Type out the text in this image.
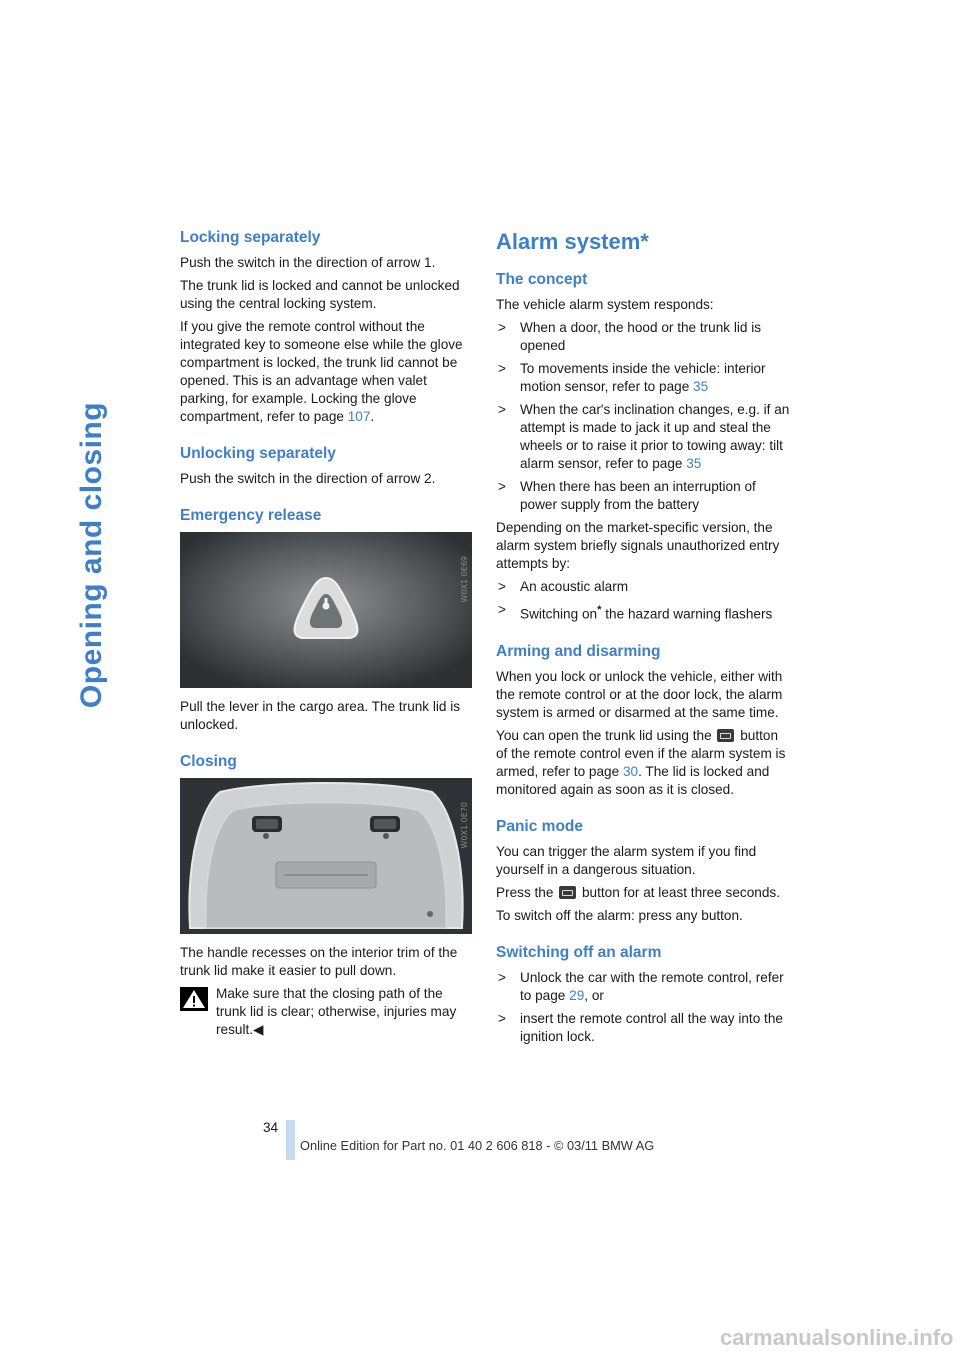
Opening and closing
Locking separately

Push the switch in the direction of arrow 1.

The trunk lid is locked and cannot be unlocked using the central locking system.

If you give the remote control without the integrated key to someone else while the glove compartment is locked, the trunk lid cannot be opened. This is an advantage when valet parking, for example. Locking the glove compartment, refer to page 107.

Unlocking separately

Push the switch in the direction of arrow 2.

Emergency release
W0X1 0E69

Pull the lever in the cargo area. The trunk lid is unlocked.

Closing
W0X1 0E70

The handle recesses on the interior trim of the trunk lid make it easier to pull down.

Make sure that the closing path of the trunk lid is clear; otherwise, injuries may result.◀
Alarm system*
The concept

The vehicle alarm system responds:

> When a door, the hood or the trunk lid is opened
> To movements inside the vehicle: interior motion sensor, refer to page 35
> When the car's inclination changes, e.g. if an attempt is made to jack it up and steal the wheels or to raise it prior to towing away: tilt alarm sensor, refer to page 35
> When there has been an interruption of power supply from the battery

Depending on the market-specific version, the alarm system briefly signals unauthorized entry attempts by:

> An acoustic alarm
> Switching on* the hazard warning flashers
Arming and disarming

When you lock or unlock the vehicle, either with the remote control or at the door lock, the alarm system is armed or disarmed at the same time.

You can open the trunk lid using the button of the remote control even if the alarm system is armed, refer to page 30. The lid is locked and monitored again as soon as it is closed.

Panic mode

You can trigger the alarm system if you find yourself in a dangerous situation.

Press the button for at least three seconds.

To switch off the alarm: press any button.

Switching off an alarm
> Unlock the car with the remote control, refer to page 29, or
> insert the remote control all the way into the ignition lock.
34
Online Edition for Part no. 01 40 2 606 818 - © 03/11 BMW AG
carmanualsonline.info
